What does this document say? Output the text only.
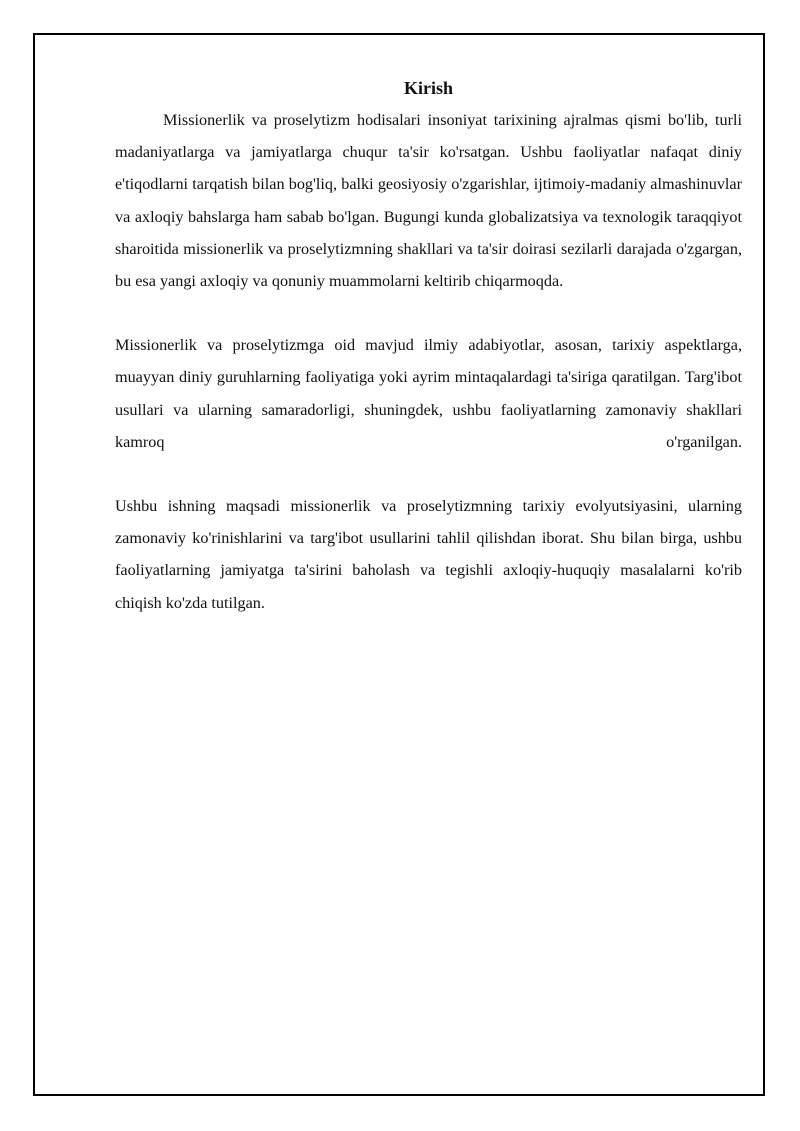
Kirish

Missionerlik va proselytizm hodisalari insoniyat tarixining ajralmas qismi bo'lib, turli madaniyatlarga va jamiyatlarga chuqur ta'sir ko'rsatgan. Ushbu faoliyatlar nafaqat diniy e'tiqodlarni tarqatish bilan bog'liq, balki geosiyosiy o'zgarishlar, ijtimoiy-madaniy almashinuvlar va axloqiy bahslarga ham sabab bo'lgan. Bugungi kunda globalizatsiya va texnologik taraqqiyot sharoitida missionerlik va proselytizmning shakllari va ta'sir doirasi sezilarli darajada o'zgargan, bu esa yangi axloqiy va qonuniy muammolarni keltirib chiqarmoqda.

Missionerlik va proselytizmga oid mavjud ilmiy adabiyotlar, asosan, tarixiy aspektlarga, muayyan diniy guruhlarning faoliyatiga yoki ayrim mintaqalardagi ta'siriga qaratilgan. Targ'ibot usullari va ularning samaradorligi, shuningdek, ushbu faoliyatlarning zamonaviy shakllari kamroq o'rganilgan.

Ushbu ishning maqsadi missionerlik va proselytizmning tarixiy evolyutsiyasini, ularning zamonaviy ko'rinishlarini va targ'ibot usullarini tahlil qilishdan iborat. Shu bilan birga, ushbu faoliyatlarning jamiyatga ta'sirini baholash va tegishli axloqiy-huquqiy masalalarni ko'rib chiqish ko'zda tutilgan.
